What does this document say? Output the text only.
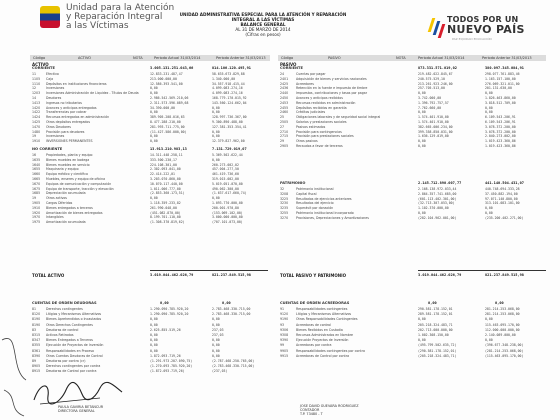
Unidad para la Atención
y Reparación Integral
a las Víctimas
UNIDAD ADMINISTRATIVA ESPECIAL PARA LA ATENCIÓN Y REPARACIÓN INTEGRAL A LAS VÍCTIMAS
BALANCE GENERAL
AL 31 DE MARZO DE 2014
(Cifras en pesos)
TODOS POR UN
NUEVO PAÍS
PAZ EQUIDAD EDUCACIÓN
Código	ACTIVO	NOTA	Periodo Actual 31/03/2014	Periodo Anterior 31/03/2013	Código	PASIVO	NOTA	Periodo Actual 31/03/2014	Periodo Anterior 31/03/2013
ACTIVO
CORRIENTE	3.005.131.251.043,66	814.106.120.495,91
PASIVO
CORRIENTE	873.331.571.019,02	380.097.345.084,91
NO CORRIENTE	13.913.210.983,13	7.131.729.019,07
PATRIMONIO	2.145.712.890.007,77	441.140.504.431,07
TOTAL ACTIVO	3.019.044.462.026,79	821.237.849.515,98	TOTAL PASIVO Y PATRIMONIO	3.019.044.462.026,79	821.237.849.515,98
CUENTAS DE ORDEN DEUDORAS	0,00	0,00	CUENTAS DE ORDEN ACREEDORAS	0,00	0,00
11	Efectivo	12.833.231.487,47	58.635.673.829,88
1105 Caja	213.000.000,00	1.340.000,00
1110 Depósitos en instituciones financieras	12.586.393.541,00	34.557.918.415,44
12	Inversiones	0,00	4.099.083.274,16
1203 Inversiones Administración de Liquidez - Títulos de Deuda	0,00	4.099.083.274,16
14	Deudores	2.986.542.569.210,06	168.779.170.015,92
1413 Ingresos no tributarios	2.311.573.596.089,68	143.560.124.662,04
1420 Avances y anticipos entregados	34.390.000,00	0,00
1422 Transferencias por cobrar	0,00	0,00
1424 Recursos entregados en administración	389.905.208.016,63	128.997.736.367,00
1425 Otros depósitos entregados	8.477.288.210,00	9.300.890.488,00
1470 Otros Deudores	281.993.711.775,00	127.381.353.354,41
1480 Provisión para deudores	(11.427.586.000,00)	0,00
19	Inversiones	0,00	0,00
1910 INVERSIONES PERMANENTES	0,00	12.379.827.962,00
16	Propiedades, planta y equipo	14.311.448.258,11	5.369.502.622,44
1635 Bienes muebles en bodega	333.500.230,17	0,00
1640 Bienes muebles en servicio	224.108.301,00	260.273.002,02
1655 Maquinaria y equipo	2.302.093.041,00	457.004.277,50
1660 Equipo médico y científico	22.414.222,01	461.419.736,60
1665 Muebles, enseres y equipo de oficina	3.203.070.860,00	319.015.002,00
1670 Equipos de comunicación y computación	10.070.117.440,00	5.019.051.070,00
1675 Equipo de transporte, tracción y elevación	1.011.006.777,00	490.062.300,00
1685 Depreciación acumulada	(2.853.360.173,51)	(1.637.617.660,74)
19	Otros activos	0,00	0,00
1905 Cargos Diferidos	1.118.359.233,82	1.093.770.000,00
1910 Bienes entregados a terceros	261.990.048,00	200.001.970,80
1920 Amortización de bienes entregados	(451.082.870,00)	(153.069.102,00)
1970 Intangibles	8.199.701.110,00	3.000.000.000,00
1975 Amortización acumulada	(1.308.370.819,62)	(707.101.073,00)
24	Cuentas por pagar	219.482.022.845,67	298.077.761.883,46
2401 Adquisición de bienes y servicios nacionales	240.575.529,10	1.163.157.100,00
2425 Acreedores	213.261.923.246,00	276.069.321.011,00
2436 Retención en la fuente e impuesto de timbre	257.705.513,00	201.131.630,00
2440 Impuestos, contribuciones y tasas por pagar	0,00	0,00
2450 Avances y anticipos recibidos	3.742.000,00	1.826.463.860,00
2453 Recursos recibidos en administración	1.396.792.757,57	3.818.512.709,00
2455 Depósitos recibidos en garantía	7.762.660,00	0,00
2460 Créditos judiciales	0,00	0,00
25	Obligaciones laborales y de seguridad social integral	1.574.401.910,00	6.109.543.206,91
2505 Salarios y prestaciones sociales	1.574.401.910,00	6.109.543.206,91
27	Pasivos estimados	382.665.006.234,00	3.078.372.200,00
2710 Provisión para contingencias	399.358.850.031,00	3.078.372.200,00
2715 Provisión para prestaciones sociales	1.636.129.019,00	2.040.273.002,00
29	Otros pasivos	0,00	1.019.423.360,86
2905 Recaudos a favor de terceros	0,00	1.019.423.360,86
32	Patrimonio institucional	2.168.138.972.033,44	440.748.694.333,28
3208 Capital fiscal	2.864.357.741.685,00	37.450.882.194,00
3225 Resultados de ejercicios anteriores	(601.113.402.301,00)	97.071.140.800,00
3230 Resultados del ejercicio	(32.713.307.053,00)	313.101.083.101,00
3235 Superávit por donación	1.102.370.000,00	0,00
3255 Patrimonio institucional incorporado	0,00	0,00
3270 Provisiones, Depreciaciones y Amortizaciones	(282.104.962.001,00)	(235.200.402.271,00)
81	Derechos contingentes	1.290.090.785.920,20	2.783.468.330.715,00
8120 Litigios y Mecanismos Alternativos	1.290.090.785.920,20	2.783.468.330.715,00
8190 Bienes Aprehendidos o Incautados	0,00	0,00
8190 Otros Derechos Contingentes	0,00	0,00
83	Deudoras de control	2.625.855.519,26	237,03
8315 Activos Retirados	0,00	237,03
8347 Bienes Entregados a Terceros	0,00	0,00
8355 Ejecución de Proyectos de Inversión	0,00	0,00
8361 Responsabilidades en Proceso	0,00	0,00
8390 Otras Cuentas Deudoras de Control	1.872.093.719,26	0,00
89	Deudoras por contra (cr)	(1.291.973.207.090,75)	(2.787.468.250.765,00)
8905 Derechos contingentes por contra	(1.270.093.785.920,20)	(2.783.468.330.715,00)
8915 Deudoras de Control por contra	(1.872.093.719,26)	(237,03)
91	Responsabilidades contingentes	290.581.178.152,01	281.214.253.068,00
9120 Litigios y Mecanismos Alternativos	289.581.178.152,01	281.214.253.068,00
9190 Otras Responsabilidades Contingentes	0,00	0,00
93	Acreedoras de control	205.218.324.483,71	115.463.095.170,00
9306 Bienes Recibidos en Custodia	202.713.000.000,00	112.000.000.000,00
9308 Recursos Administrados en Nombre	1.002.308.150,00	2.140.089.000,00
9390 Ejecución Proyectos de Inversión	0,00	0,00
99	Acreedoras por contra	(495.799.502.635,72)	(396.677.348.238,00)
9905 Responsabilidades contingentes por contra	(290.581.178.152,01)	(281.214.253.068,00)
9915 Acreedoras de Control por contra	(205.218.324.483,71)	(115.463.095.170,00)
PAULA GAVIRIA BETANCUR
DIRECTORA GENERAL
JOSE DAVID GUEVARA RODRIGUEZ
CONTADOR
T.P. 73480 - T
